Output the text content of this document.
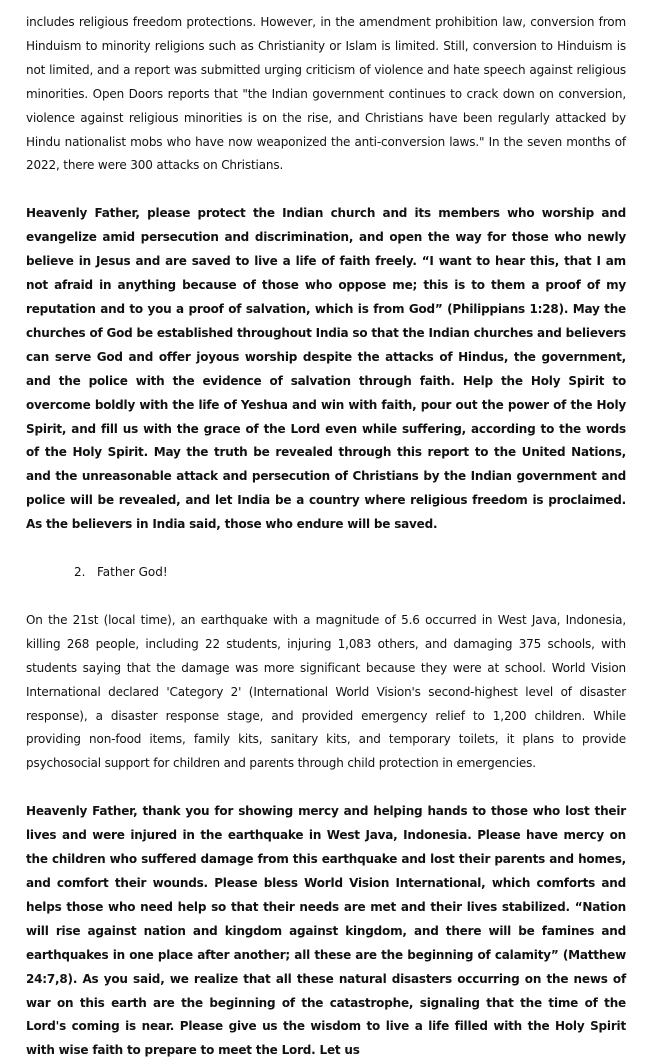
includes religious freedom protections. However, in the amendment prohibition law, conversion from Hinduism to minority religions such as Christianity or Islam is limited. Still, conversion to Hinduism is not limited, and a report was submitted urging criticism of violence and hate speech against religious minorities. Open Doors reports that "the Indian government continues to crack down on conversion, violence against religious minorities is on the rise, and Christians have been regularly attacked by Hindu nationalist mobs who have now weaponized the anti-conversion laws." In the seven months of 2022, there were 300 attacks on Christians.

Heavenly Father, please protect the Indian church and its members who worship and evangelize amid persecution and discrimination, and open the way for those who newly believe in Jesus and are saved to live a life of faith freely. “I want to hear this, that I am not afraid in anything because of those who oppose me; this is to them a proof of my reputation and to you a proof of salvation, which is from God” (Philippians 1:28). May the churches of God be established throughout India so that the Indian churches and believers can serve God and offer joyous worship despite the attacks of Hindus, the government, and the police with the evidence of salvation through faith. Help the Holy Spirit to overcome boldly with the life of Yeshua and win with faith, pour out the power of the Holy Spirit, and fill us with the grace of the Lord even while suffering, according to the words of the Holy Spirit. May the truth be revealed through this report to the United Nations, and the unreasonable attack and persecution of Christians by the Indian government and police will be revealed, and let India be a country where religious freedom is proclaimed. As the believers in India said, those who endure will be saved.

2. Father God!

On the 21st (local time), an earthquake with a magnitude of 5.6 occurred in West Java, Indonesia, killing 268 people, including 22 students, injuring 1,083 others, and damaging 375 schools, with students saying that the damage was more significant because they were at school. World Vision International declared 'Category 2' (International World Vision's second-highest level of disaster response), a disaster response stage, and provided emergency relief to 1,200 children. While providing non-food items, family kits, sanitary kits, and temporary toilets, it plans to provide psychosocial support for children and parents through child protection in emergencies.

Heavenly Father, thank you for showing mercy and helping hands to those who lost their lives and were injured in the earthquake in West Java, Indonesia. Please have mercy on the children who suffered damage from this earthquake and lost their parents and homes, and comfort their wounds. Please bless World Vision International, which comforts and helps those who need help so that their needs are met and their lives stabilized. “Nation will rise against nation and kingdom against kingdom, and there will be famines and earthquakes in one place after another; all these are the beginning of calamity” (Matthew 24:7,8). As you said, we realize that all these natural disasters occurring on the news of war on this earth are the beginning of the catastrophe, signaling that the time of the Lord's coming is near. Please give us the wisdom to live a life filled with the Holy Spirit with wise faith to prepare to meet the Lord. Let us
